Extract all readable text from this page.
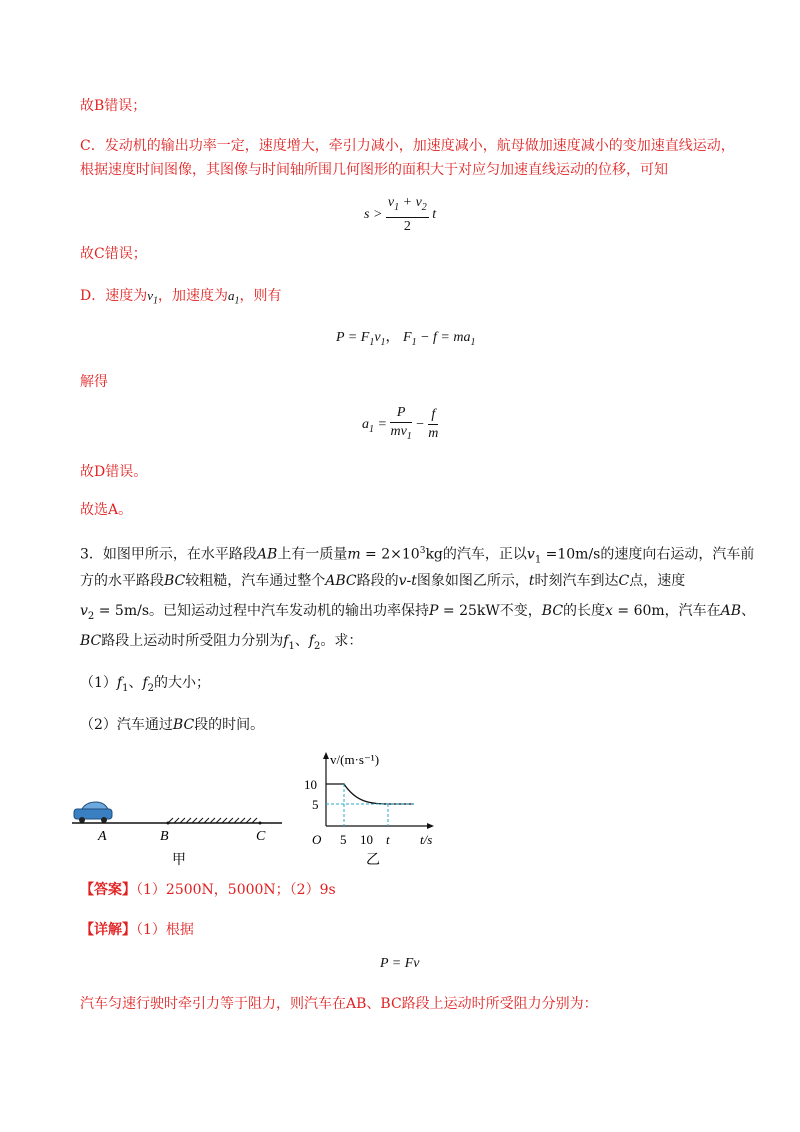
故B错误；
C．发动机的输出功率一定，速度增大，牵引力减小，加速度减小，航母做加速度减小的变加速直线运动，
根据速度时间图像，其图像与时间轴所围几何图形的面积大于对应匀加速直线运动的位移，可知
$s > \frac{v_1 + v_2}{2}$ t
故C错误；
D．速度为$v_1$，加速度为$a_1$，则有
$P = F_1v_1$， $F_1 - f = ma_1$
解得
$a_1 = \frac{P}{mv_1} - \frac{f}{m}$
故D错误。
故选A。
3．如图甲所示，在水平路段AB上有一质量$m = 2\times 10^3kg$的汽车，正以$v_1 =10m/s$的速度向右运动，汽车前
方的水平路段BC较粗糙，汽车通过整个ABC路段的v-t图象如图乙所示，t时刻汽车到达C点，速度
$v_2 = 5m/s$。已知运动过程中汽车发动机的输出功率保持P = 25kW不变，BC的长度x = 60m，汽车在AB、
BC路段上运动时所受阻力分别为$f_1$、$f_2$。求：
$(1)f_1$、$f_2$的大小；
（2）汽车通过BC段的时间。
A	B	C
甲
v/(m·s⁻¹)
t/s
O
10
5
5 10 t
乙
【答案】（1）2500N，5000N；（2）9s
【详解】（1）根据
P = Fv
汽车匀速行驶时牵引力等于阻力，则汽车在AB、BC路段上运动时所受阻力分别为：
